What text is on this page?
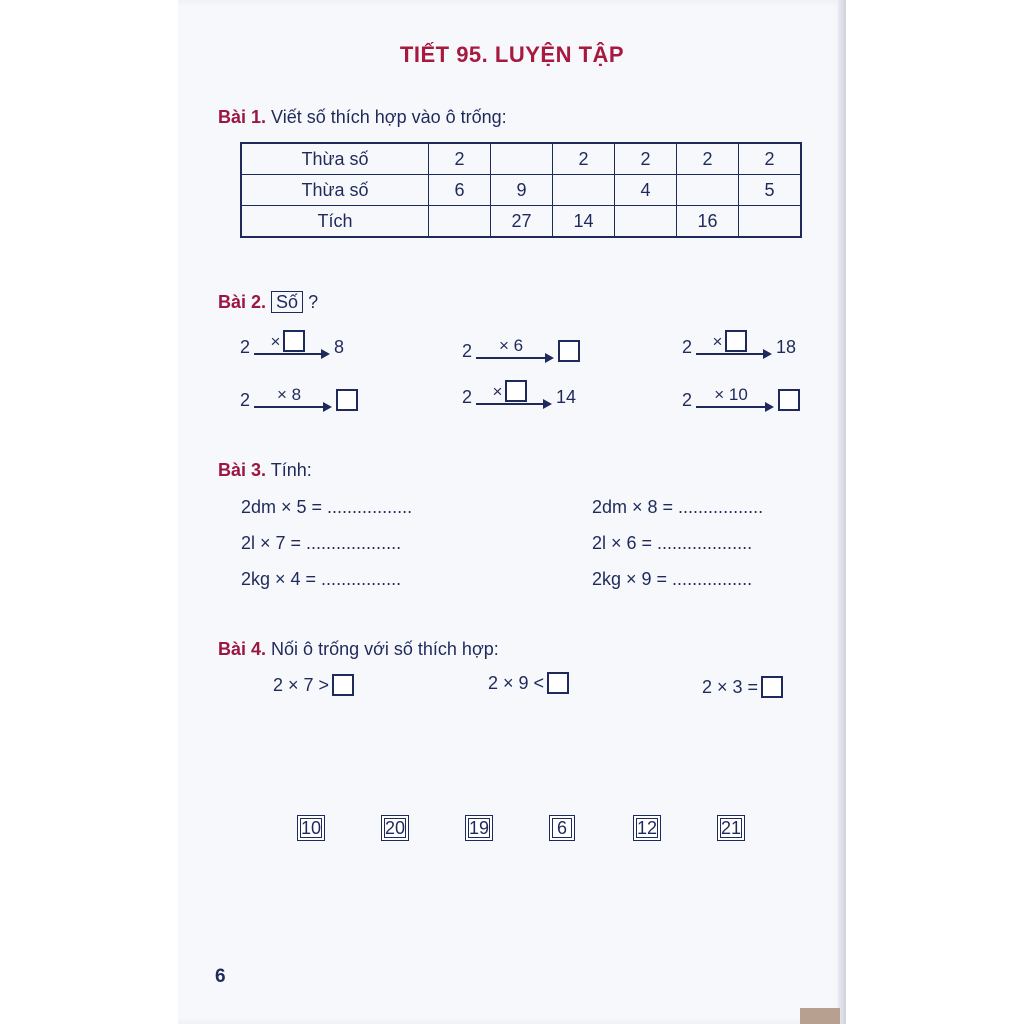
TIẾT 95. LUYỆN TẬP
Bài 1. Viết số thích hợp vào ô trống:
Thừa số	2		2	2	2	2
Thừa số	6	9		4		5
Tích		27	14		16	
Bài 2. Số ?
2 ×	8	2	× 6	2 ×	18
2	× 8	2 ×	14	2	× 10
Bài 3. Tính:
2dm × 5 = .................	2dm × 8 = .................
2l × 7 = ...................	2l × 6 = ...................
2kg × 4 = ................	2kg × 9 = ................
Bài 4. Nối ô trống với số thích hợp:
2 × 7 >	2 × 9 <	2 × 3 =
10	20	19	6	12	21
6
